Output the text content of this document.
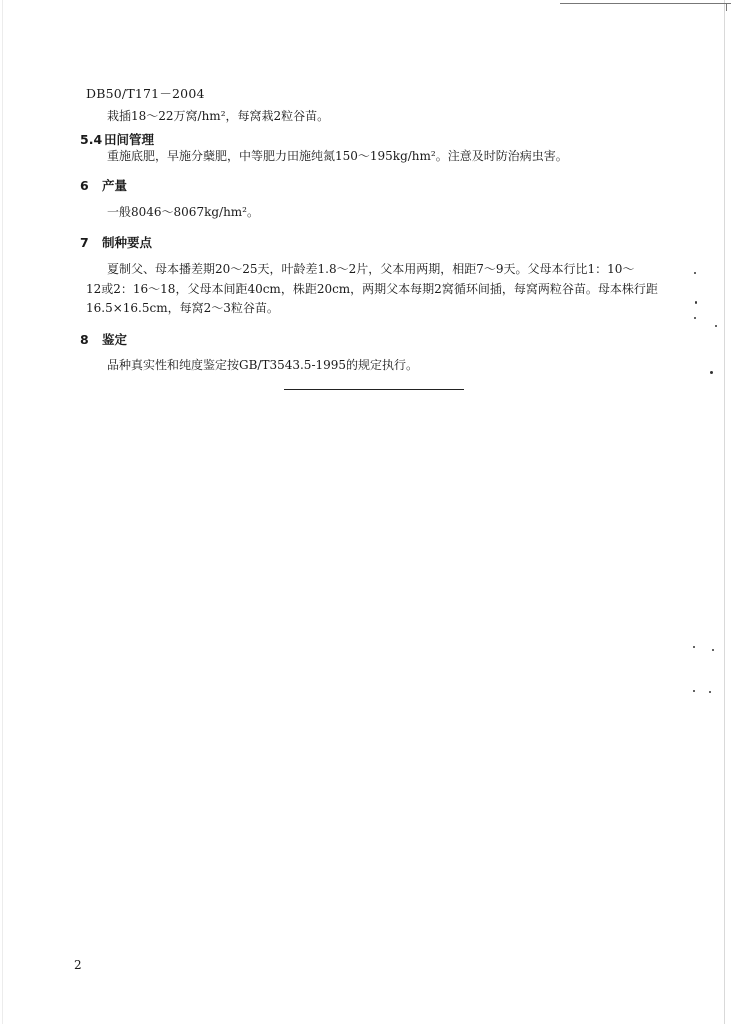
DB50/T171－2004
栽插18～22万窝/hm²，每窝栽2粒谷苗。
5.4 田间管理
重施底肥，早施分蘖肥，中等肥力田施纯氮150～195kg/hm²。注意及时防治病虫害。
6 产量
一般8046～8067kg/hm²。
7 制种要点
夏制父、母本播差期20～25天，叶龄差1.8～2片，父本用两期，相距7～9天。父母本行比1：10～
12或2：16～18，父母本间距40cm，株距20cm，两期父本每期2窝循环间插，每窝两粒谷苗。母本株行距
16.5×16.5cm，每窝2～3粒谷苗。
8 鉴定
品种真实性和纯度鉴定按GB/T3543.5-1995的规定执行。
2
